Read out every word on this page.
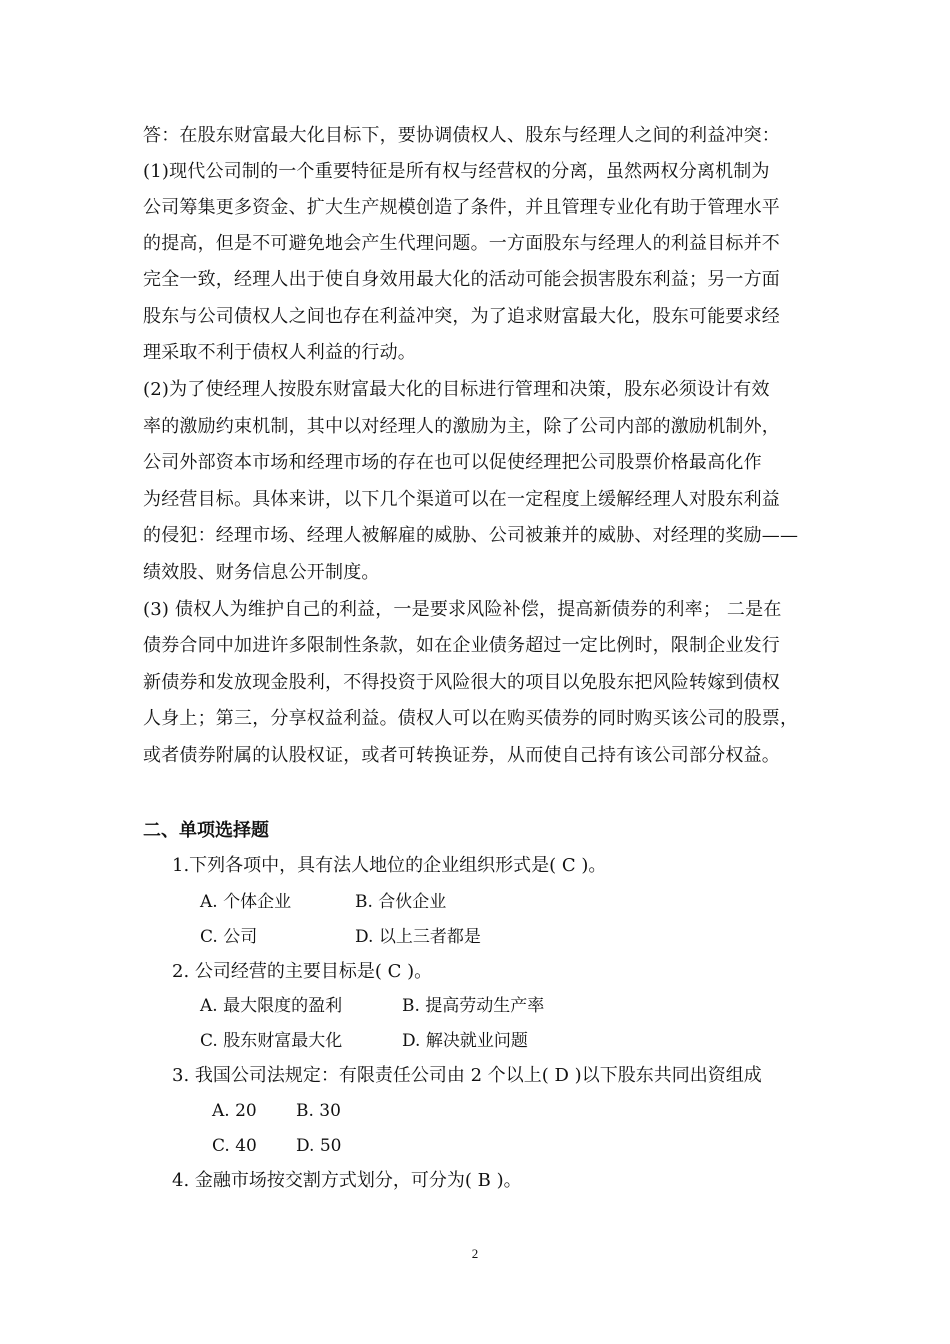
答：在股东财富最大化目标下，要协调债权人、股东与经理人之间的利益冲突：
(1)现代公司制的一个重要特征是所有权与经营权的分离，虽然两权分离机制为
公司筹集更多资金、扩大生产规模创造了条件，并且管理专业化有助于管理水平
的提高，但是不可避免地会产生代理问题。一方面股东与经理人的利益目标并不
完全一致，经理人出于使自身效用最大化的活动可能会损害股东利益；另一方面
股东与公司债权人之间也存在利益冲突，为了追求财富最大化，股东可能要求经
理采取不利于债权人利益的行动。
(2)为了使经理人按股东财富最大化的目标进行管理和决策，股东必须设计有效
率的激励约束机制，其中以对经理人的激励为主，除了公司内部的激励机制外，
公司外部资本市场和经理市场的存在也可以促使经理把公司股票价格最高化作
为经营目标。具体来讲，以下几个渠道可以在一定程度上缓解经理人对股东利益
的侵犯：经理市场、经理人被解雇的威胁、公司被兼并的威胁、对经理的奖励——
绩效股、财务信息公开制度。
(3) 债权人为维护自己的利益，一是要求风险补偿，提高新债券的利率； 二是在
债券合同中加进许多限制性条款，如在企业债务超过一定比例时，限制企业发行
新债券和发放现金股利，不得投资于风险很大的项目以免股东把风险转嫁到债权
人身上；第三，分享权益利益。债权人可以在购买债券的同时购买该公司的股票，
或者债券附属的认股权证，或者可转换证券，从而使自己持有该公司部分权益。
二、单项选择题
1.下列各项中，具有法人地位的企业组织形式是( C )。
A. 个体企业	B. 合伙企业
C. 公司	D. 以上三者都是
2. 公司经营的主要目标是( C )。
A. 最大限度的盈利	B. 提高劳动生产率
C. 股东财富最大化	D. 解决就业问题
3. 我国公司法规定：有限责任公司由 2 个以上( D )以下股东共同出资组成
A. 20 B. 30
C. 40 D. 50
4. 金融市场按交割方式划分，可分为( B )。
2
